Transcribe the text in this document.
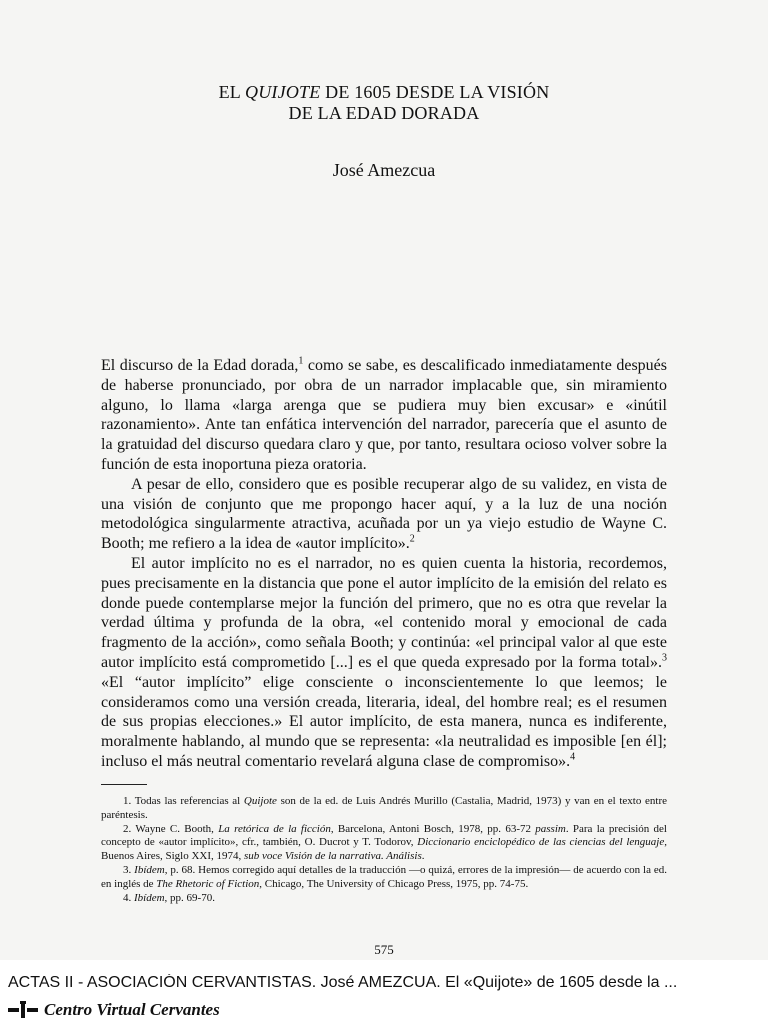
EL QUIJOTE DE 1605 DESDE LA VISIÓN
DE LA EDAD DORADA
José Amezcua

El discurso de la Edad dorada,$^1$ como se sabe, es descalificado inmediatamente después de haberse pronunciado, por obra de un narrador implacable que, sin miramiento alguno, lo llama «larga arenga que se pudiera muy bien excusar» e «inútil razonamiento». Ante tan enfática intervención del narrador, parecería que el asunto de la gratuidad del discurso quedara claro y que, por tanto, resultara ocioso volver sobre la función de esta inoportuna pieza oratoria.

A pesar de ello, considero que es posible recuperar algo de su validez, en vista de una visión de conjunto que me propongo hacer aquí, y a la luz de una noción metodológica singularmente atractiva, acuñada por un ya viejo estudio de Wayne C. Booth; me refiero a la idea de «autor implícito».$^2$

El autor implícito no es el narrador, no es quien cuenta la historia, recordemos, pues precisamente en la distancia que pone el autor implícito de la emisión del relato es donde puede contemplarse mejor la función del primero, que no es otra que revelar la verdad última y profunda de la obra, «el contenido moral y emocional de cada fragmento de la acción», como señala Booth; y continúa: «el principal valor al que este autor implícito está comprometido [...] es el que queda expresado por la forma total».$^3$ «El “autor implícito” elige consciente o inconscientemente lo que leemos; le consideramos como una versión creada, literaria, ideal, del hombre real; es el resumen de sus propias elecciones.» El autor implícito, de esta manera, nunca es indiferente, moralmente hablando, al mundo que se representa: «la neutralidad es imposible [en él]; incluso el más neutral comentario revelará alguna clase de compromiso».$^4$

1. Todas las referencias al Quijote son de la ed. de Luis Andrés Murillo (Castalia, Madrid, 1973) y van en el texto entre paréntesis.

2. Wayne C. Booth, La retórica de la ficción, Barcelona, Antoni Bosch, 1978, pp. 63-72 passim. Para la precisión del concepto de «autor implícito», cfr., también, O. Ducrot y T. Todorov, Diccionario enciclopédico de las ciencias del lenguaje, Buenos Aires, Siglo XXI, 1974, sub voce Visión de la narrativa. Análisis.

3. Ibídem, p. 68. Hemos corregido aquí detalles de la traducción —o quizá, errores de la impresión— de acuerdo con la ed. en inglés de The Rhetoric of Fiction, Chicago, The University of Chicago Press, 1975, pp. 74-75.

4. Ibídem, pp. 69-70.

575
ACTAS II - ASOCIACIÓN CERVANTISTAS. José AMEZCUA. El «Quijote» de 1605 desde la ...
Centro Virtual Cervantes
